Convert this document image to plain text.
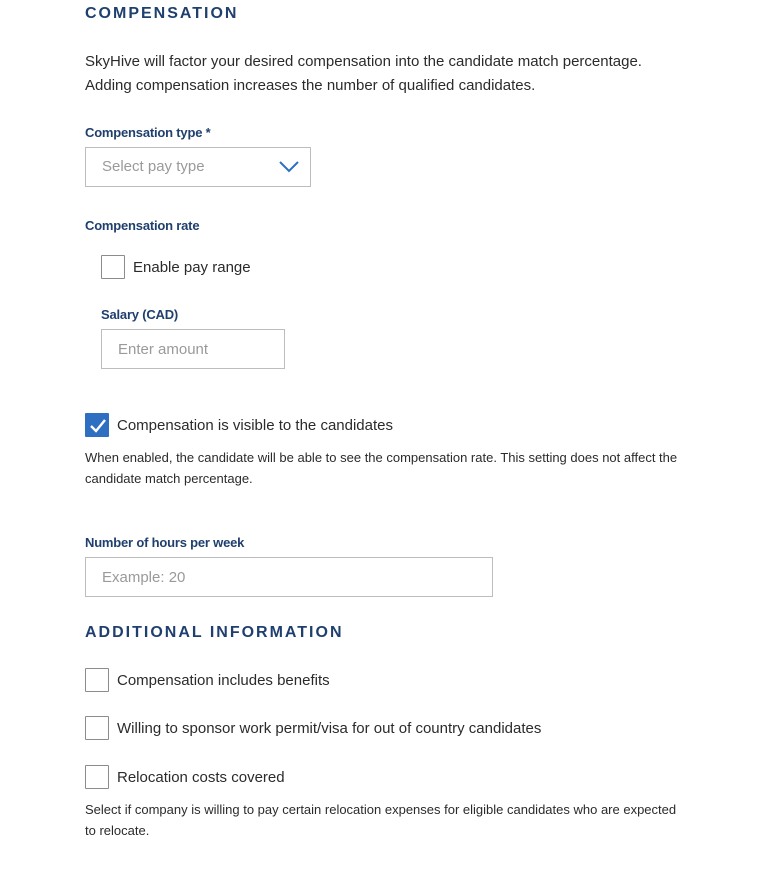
COMPENSATION
SkyHive will factor your desired compensation into the candidate match percentage. Adding compensation increases the number of qualified candidates.
Compensation type *
Select pay type
Compensation rate
Enable pay range
Salary (CAD)
Enter amount
Compensation is visible to the candidates
When enabled, the candidate will be able to see the compensation rate. This setting does not affect the candidate match percentage.
Number of hours per week
Example: 20
ADDITIONAL INFORMATION
Compensation includes benefits
Willing to sponsor work permit/visa for out of country candidates
Relocation costs covered
Select if company is willing to pay certain relocation expenses for eligible candidates who are expected to relocate.
